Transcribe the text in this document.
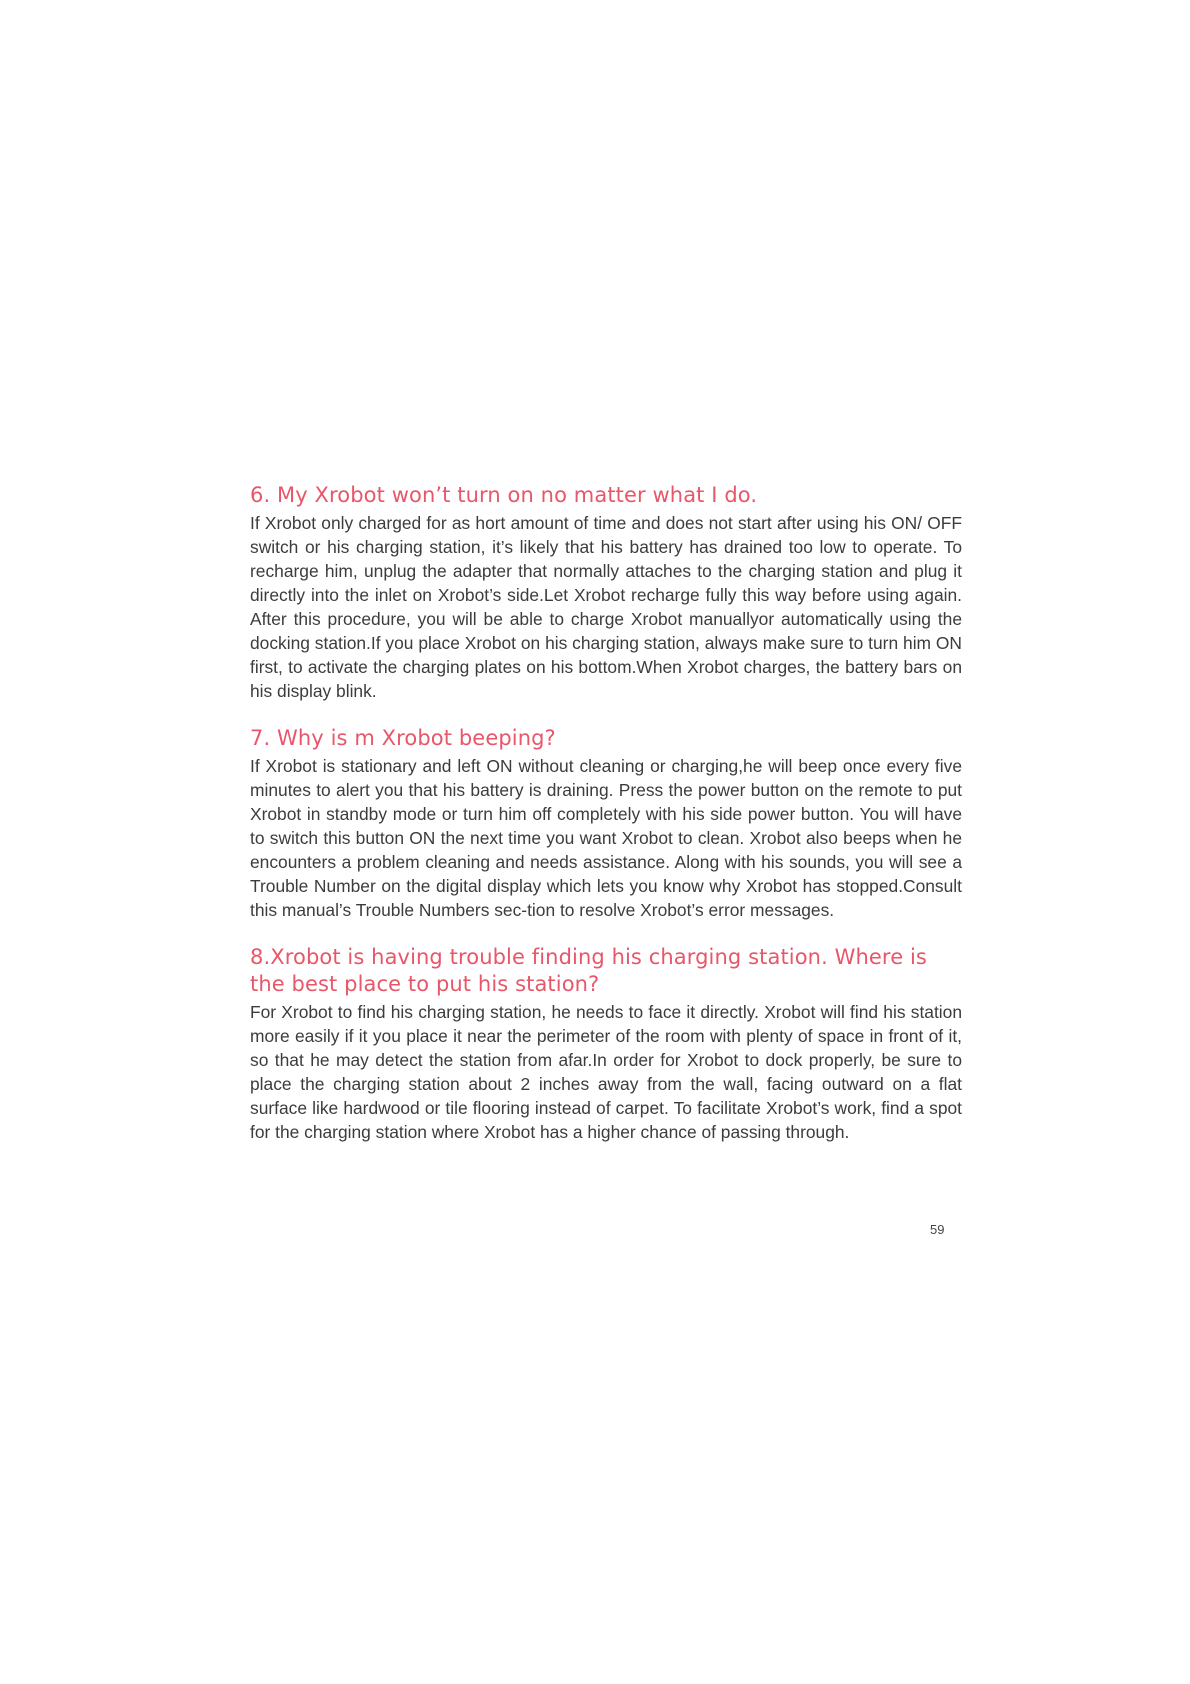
6. My Xrobot won’t turn on no matter what I do.

If Xrobot only charged for as hort amount of time and does not start after using his ON/ OFF switch or his charging station, it’s likely that his battery has drained too low to operate. To recharge him, unplug the adapter that normally attaches to the charging station and plug it directly into the inlet on Xrobot’s side.Let Xrobot recharge fully this way before using again. After this procedure, you will be able to charge Xrobot manuallyor automatically using the docking station.If you place Xrobot on his charging station, always make sure to turn him ON first, to activate the charging plates on his bottom.When Xrobot charges, the battery bars on his display blink.

7. Why is m Xrobot beeping?

If Xrobot is stationary and left ON without cleaning or charging,he will beep once every five minutes to alert you that his battery is draining. Press the power button on the remote to put Xrobot in standby mode or turn him off completely with his side power button. You will have to switch this button ON the next time you want Xrobot to clean. Xrobot also beeps when he encounters a problem cleaning and needs assistance. Along with his sounds, you will see a Trouble Number on the digital display which lets you know why Xrobot has stopped.Consult this manual’s Trouble Numbers sec-tion to resolve Xrobot’s error messages.

8.Xrobot is having trouble finding his charging station. Where is the best place to put his station?

For Xrobot to find his charging station, he needs to face it directly. Xrobot will find his station more easily if it you place it near the perimeter of the room with plenty of space in front of it, so that he may detect the station from afar.In order for Xrobot to dock properly, be sure to place the charging station about 2 inches away from the wall, facing outward on a flat surface like hardwood or tile flooring instead of carpet. To facilitate Xrobot’s work, find a spot for the charging station where Xrobot has a higher chance of passing through.

59
